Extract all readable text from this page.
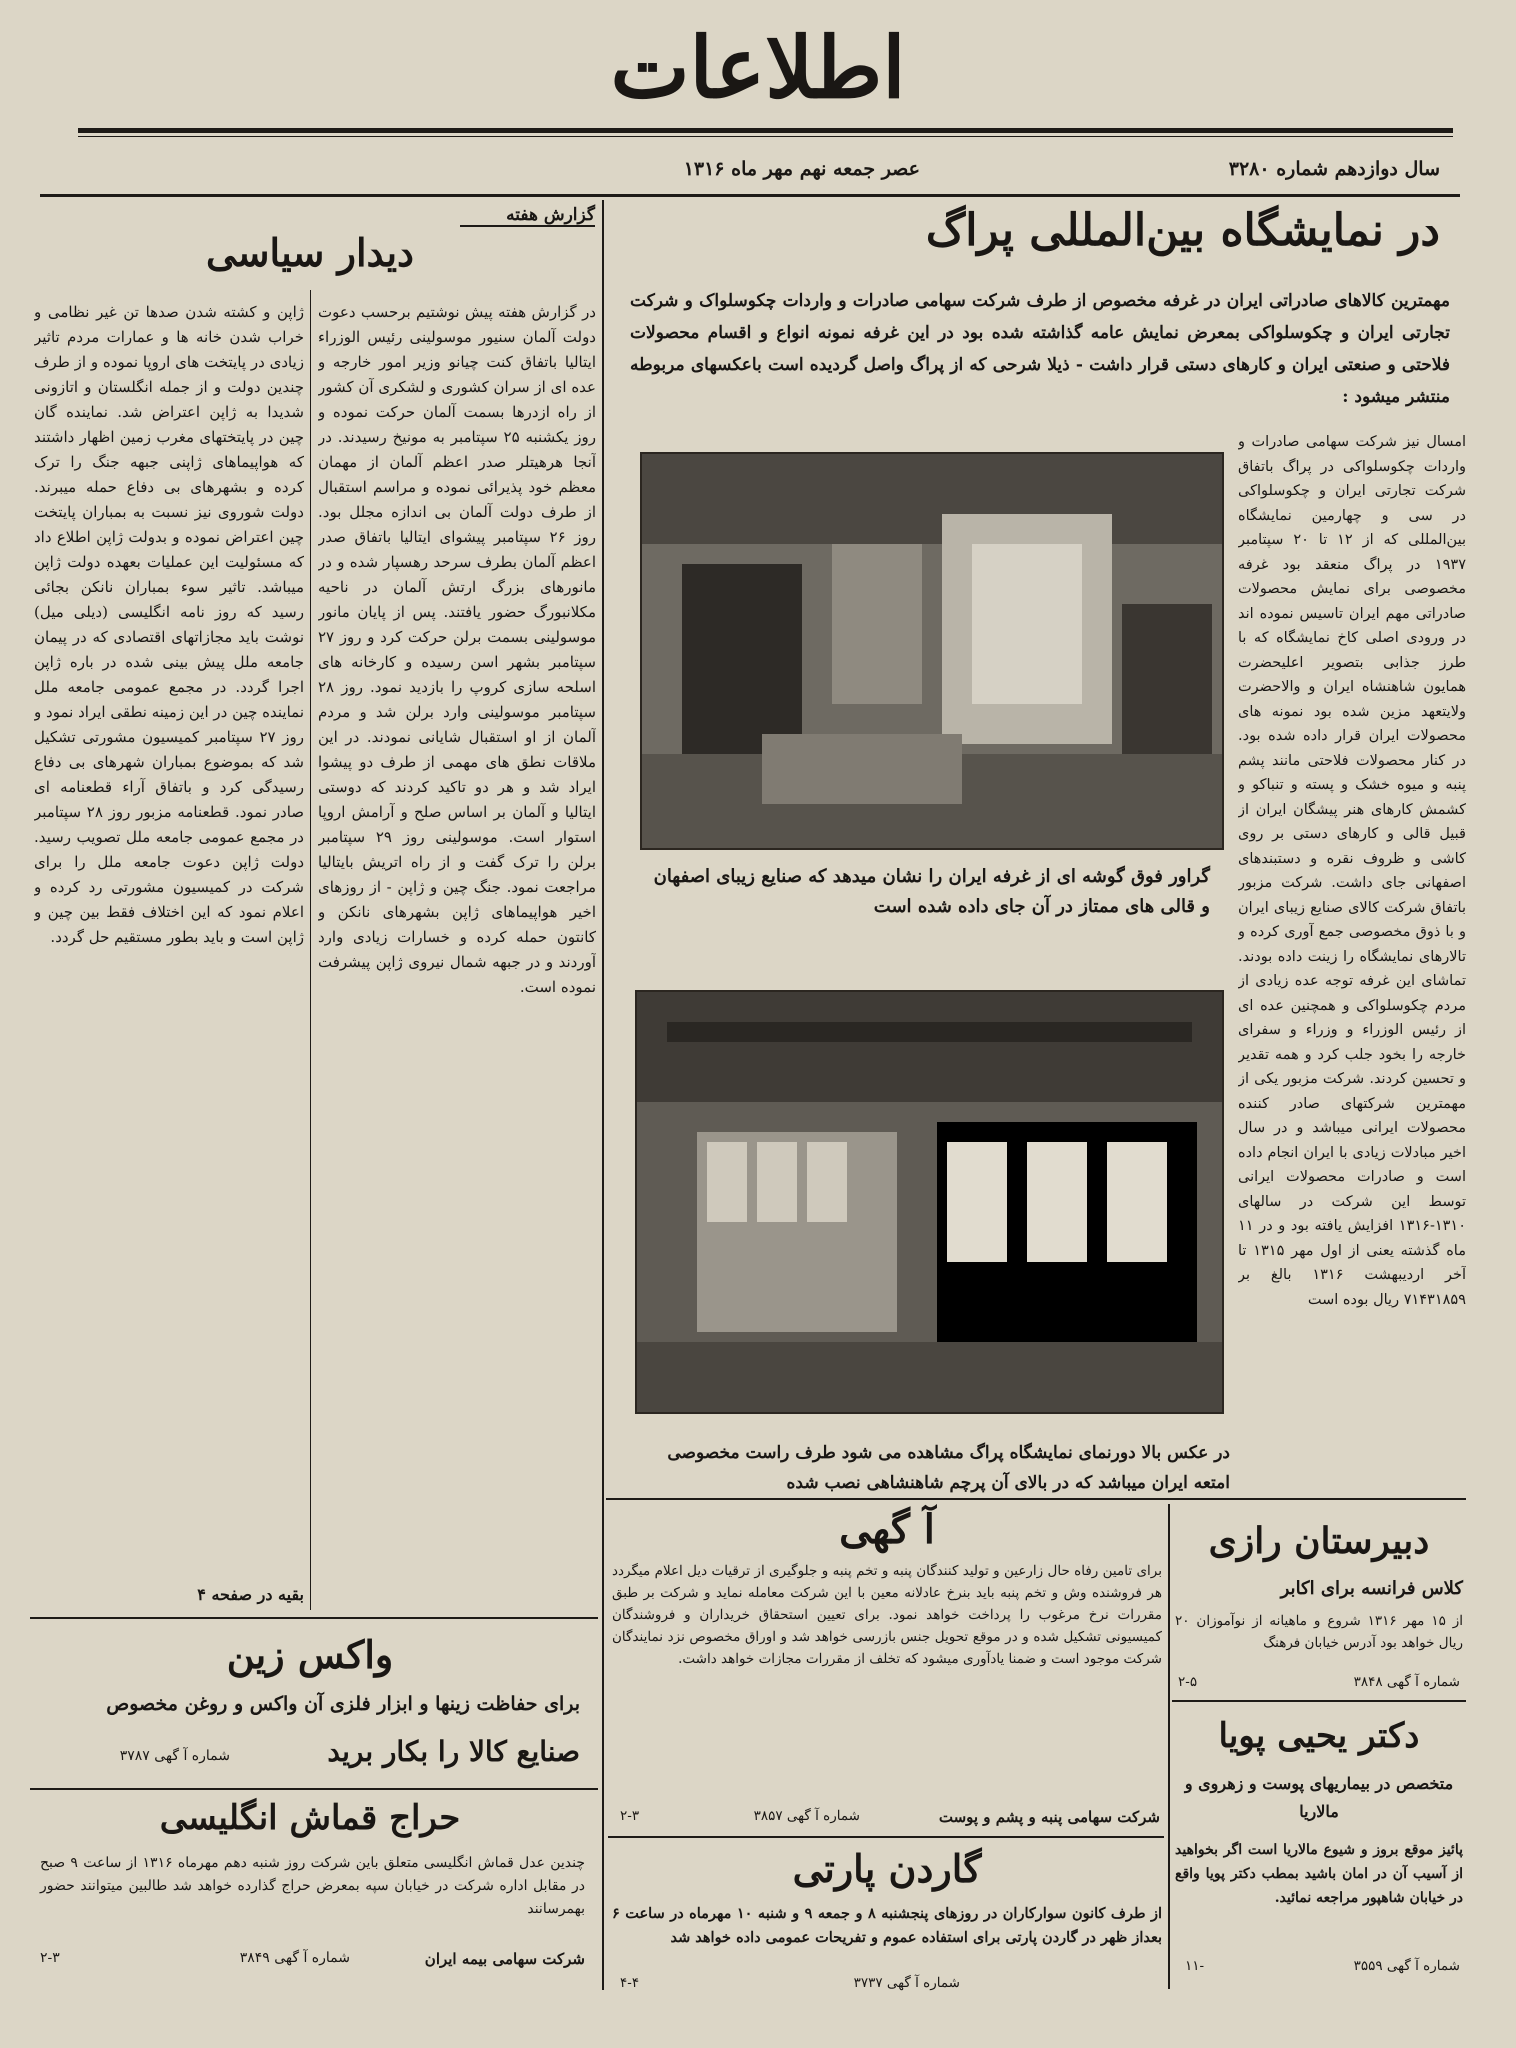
اطلاعات
سال دوازدهم شماره ۳۲۸۰
عصر جمعه نهم مهر ماه ۱۳۱۶
در نمایشگاه بین‌المللی پراگ

مهمترین کالاهای صادراتی ایران در غرفه مخصوص از طرف شرکت سهامی صادرات و واردات چکوسلواک و شرکت تجارتی ایران و چکوسلواکی بمعرض نمایش عامه گذاشته شده بود در این غرفه نمونه انواع و اقسام محصولات فلاحتی و صنعتی ایران و کارهای دستی قرار داشت - ذیلا شرحی که از پراگ واصل گردیده است باعکسهای مربوطه منتشر میشود :

گراور فوق گوشه ای از غرفه ایران را نشان میدهد که صنایع زیبای اصفهان و قالی های ممتاز در آن جای داده شده است

در عکس بالا دورنمای نمایشگاه پراگ مشاهده می شود طرف راست مخصوصی امتعه ایران میباشد که در بالای آن پرچم شاهنشاهی نصب شده

امسال نیز شرکت سهامی صادرات و واردات چکوسلواکی در پراگ باتفاق شرکت تجارتی ایران و چکوسلواکی در سی و چهارمین نمایشگاه بین‌المللی که از ۱۲ تا ۲۰ سپتامبر ۱۹۳۷ در پراگ منعقد بود غرفه مخصوصی برای نمایش محصولات صادراتی مهم ایران تاسیس نموده اند در ورودی اصلی کاخ نمایشگاه که با طرز جذابی بتصویر اعلیحضرت همایون شاهنشاه ایران و والاحضرت ولایتعهد مزین شده بود نمونه های محصولات ایران قرار داده شده بود. در کنار محصولات فلاحتی مانند پشم پنبه و میوه خشک و پسته و تنباکو و کشمش کارهای هنر پیشگان ایران از قبیل قالی و کارهای دستی بر روی کاشی و ظروف نقره و دستبندهای اصفهانی جای داشت. شرکت مزبور باتفاق شرکت کالای صنایع زیبای ایران و با ذوق مخصوصی جمع آوری کرده و تالارهای نمایشگاه را زینت داده بودند. تماشای این غرفه توجه عده زیادی از مردم چکوسلواکی و همچنین عده ای از رئیس الوزراء و وزراء و سفرای خارجه را بخود جلب کرد و همه تقدیر و تحسین کردند. شرکت مزبور یکی از مهمترین شرکتهای صادر کننده محصولات ایرانی میباشد و در سال اخیر مبادلات زیادی با ایران انجام داده است و صادرات محصولات ایرانی توسط این شرکت در سالهای ۱۳۱۰-۱۳۱۶ افزایش یافته بود و در ۱۱ ماه گذشته یعنی از اول مهر ۱۳۱۵ تا آخر اردیبهشت ۱۳۱۶ بالغ بر ۷۱۴۳۱۸۵۹ ریال بوده است

گزارش هفته
دیدار سیاسی

در گزارش هفته پیش نوشتیم برحسب دعوت دولت آلمان سنیور موسولینی رئیس الوزراء ایتالیا باتفاق کنت چیانو وزیر امور خارجه و عده ای از سران کشوری و لشکری آن کشور از راه ازدرها بسمت آلمان حرکت نموده و روز یکشنبه ۲۵ سپتامبر به مونیخ رسیدند. در آنجا هرهیتلر صدر اعظم آلمان از مهمان معظم خود پذیرائی نموده و مراسم استقبال از طرف دولت آلمان بی اندازه مجلل بود. روز ۲۶ سپتامبر پیشوای ایتالیا باتفاق صدر اعظم آلمان بطرف سرحد رهسپار شده و در مانورهای بزرگ ارتش آلمان در ناحیه مکلانبورگ حضور یافتند. پس از پایان مانور موسولینی بسمت برلن حرکت کرد و روز ۲۷ سپتامبر بشهر اسن رسیده و کارخانه های اسلحه سازی کروپ را بازدید نمود. روز ۲۸ سپتامبر موسولینی وارد برلن شد و مردم آلمان از او استقبال شایانی نمودند. در این ملاقات نطق های مهمی از طرف دو پیشوا ایراد شد و هر دو تاکید کردند که دوستی ایتالیا و آلمان بر اساس صلح و آرامش اروپا استوار است. موسولینی روز ۲۹ سپتامبر برلن را ترک گفت و از راه اتریش بایتالیا مراجعت نمود. جنگ چین و ژاپن - از روزهای اخیر هواپیماهای ژاپن بشهرهای نانکن و کانتون حمله کرده و خسارات زیادی وارد آوردند و در جبهه شمال نیروی ژاپن پیشرفت نموده است.

ژاپن و کشته شدن صدها تن غیر نظامی و خراب شدن خانه ها و عمارات مردم تاثیر زیادی در پایتخت های اروپا نموده و از طرف چندین دولت و از جمله انگلستان و اتازونی شدیدا به ژاپن اعتراض شد. نماینده گان چین در پایتختهای مغرب زمین اظهار داشتند که هواپیماهای ژاپنی جبهه جنگ را ترک کرده و بشهرهای بی دفاع حمله میبرند. دولت شوروی نیز نسبت به بمباران پایتخت چین اعتراض نموده و بدولت ژاپن اطلاع داد که مسئولیت این عملیات بعهده دولت ژاپن میباشد. تاثیر سوء بمباران نانکن بجائی رسید که روز نامه انگلیسی (دیلی میل) نوشت باید مجازاتهای اقتصادی که در پیمان جامعه ملل پیش بینی شده در باره ژاپن اجرا گردد. در مجمع عمومی جامعه ملل نماینده چین در این زمینه نطقی ایراد نمود و روز ۲۷ سپتامبر کمیسیون مشورتی تشکیل شد که بموضوع بمباران شهرهای بی دفاع رسیدگی کرد و باتفاق آراء قطعنامه ای صادر نمود. قطعنامه مزبور روز ۲۸ سپتامبر در مجمع عمومی جامعه ملل تصویب رسید. دولت ژاپن دعوت جامعه ملل را برای شرکت در کمیسیون مشورتی رد کرده و اعلام نمود که این اختلاف فقط بین چین و ژاپن است و باید بطور مستقیم حل گردد.

بقیه در صفحه ۴
واکس زین
برای حفاظت زینها و ابزار فلزی آن واکس و روغن مخصوص
صنایع کالا را بکار برید
شماره آ گهی ۳۷۸۷
حراج قماش انگلیسی

چندین عدل قماش انگلیسی متعلق باین شرکت روز شنبه دهم مهرماه ۱۳۱۶ از ساعت ۹ صبح در مقابل اداره شرکت در خیابان سپه بمعرض حراج گذارده خواهد شد طالبین میتوانند حضور بهمرسانند

شرکت سهامی بیمه ایران
شماره آ گهی ۳۸۴۹
۲-۳
آ گهی

برای تامین رفاه حال زارعین و تولید کنندگان پنبه و تخم پنبه و جلوگیری از ترقیات دیل اعلام میگردد هر فروشنده وش و تخم پنبه باید بنرخ عادلانه معین با این شرکت معامله نماید و شرکت بر طبق مقررات نرخ مرغوب را پرداخت خواهد نمود. برای تعیین استحقاق خریداران و فروشندگان کمیسیونی تشکیل شده و در موقع تحویل جنس بازرسی خواهد شد و اوراق مخصوص نزد نمایندگان شرکت موجود است و ضمنا یادآوری میشود که تخلف از مقررات مجازات خواهد داشت.

شرکت سهامی پنبه و پشم و پوست
شماره آ گهی ۳۸۵۷
۲-۳
دبیرستان رازی
کلاس فرانسه برای اکابر

از ۱۵ مهر ۱۳۱۶ شروع و ماهیانه از نوآموزان ۲۰ ریال خواهد بود آدرس خیابان فرهنگ

شماره آ گهی ۳۸۴۸
۲-۵
دکتر یحیی پویا
متخصص در بیماریهای پوست و زهروی و مالاریا

پائیز موقع بروز و شیوع مالاریا است اگر بخواهید از آسیب آن در امان باشید بمطب دکتر پویا واقع در خیابان شاهپور مراجعه نمائید.

شماره آ گهی ۳۵۵۹
۱۱-
گاردن پارتی

از طرف کانون سوارکاران در روزهای پنجشنبه ۸ و جمعه ۹ و شنبه ۱۰ مهرماه در ساعت ۶ بعداز ظهر در گاردن پارتی برای استفاده عموم و تفریحات عمومی داده خواهد شد

شماره آ گهی ۳۷۳۷
۴-۴
